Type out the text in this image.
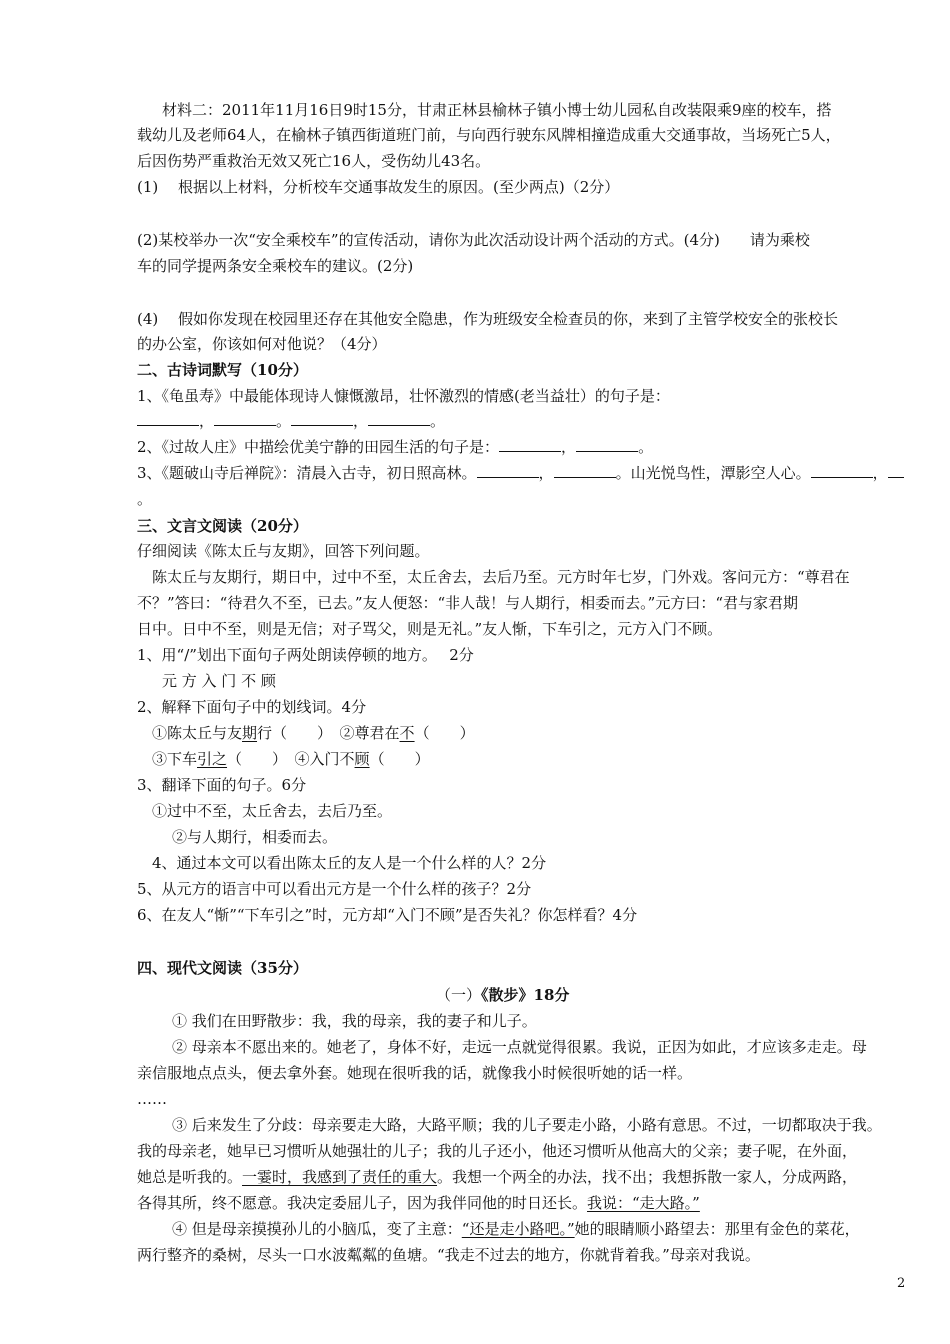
材料二：2011年11月16日9时15分，甘肃正林县榆林子镇小博士幼儿园私自改装限乘9座的校车，搭
载幼儿及老师64人，在榆林子镇西街道班门前，与向西行驶东风牌相撞造成重大交通事故，当场死亡5人，
后因伤势严重救治无效又死亡16人，受伤幼儿43名。
(1)　 根据以上材料，分析校车交通事故发生的原因。(至少两点)（2分）
(2)某校举办一次“安全乘校车”的宣传活动，请你为此次活动设计两个活动的方式。(4分)　　请为乘校
车的同学提两条安全乘校车的建议。(2分)
(4)　 假如你发现在校园里还存在其他安全隐患，作为班级安全检查员的你，来到了主管学校安全的张校长
的办公室，你该如何对他说？（4分）
二、古诗词默写（10分）
1、《龟虽寿》中最能体现诗人慷慨激昂，壮怀激烈的情感(老当益壮）的句子是：
，	。	，	。
2、《过故人庄》中描绘优美宁静的田园生活的句子是：	，	。
3、《题破山寺后禅院》：清晨入古寺，初日照高林。	，	。山光悦鸟性，潭影空人心。	，
。
三、文言文阅读（20分）
仔细阅读《陈太丘与友期》，回答下列问题。
陈太丘与友期行，期日中，过中不至，太丘舍去，去后乃至。元方时年七岁，门外戏。客问元方：“尊君在
不？”答曰：“待君久不至，已去。”友人便怒：“非人哉！与人期行，相委而去。”元方曰：“君与家君期
日中。日中不至，则是无信；对子骂父，则是无礼。”友人惭，下车引之，元方入门不顾。
1、用“/”划出下面句子两处朗读停顿的地方。　 2分
元 方 入 门 不 顾
2、解释下面句子中的划线词。4分
①陈太丘与友期行（　　）　②尊君在不（　　）
③下车引之（　　）　④入门不顾（　　）
3、翻译下面的句子。6分
①过中不至，太丘舍去，去后乃至。
②与人期行，相委而去。
4、通过本文可以看出陈太丘的友人是一个什么样的人？2分
5、从元方的语言中可以看出元方是一个什么样的孩子？2分
6、在友人“惭”“下车引之”时，元方却“入门不顾”是否失礼？你怎样看？4分
四、现代文阅读（35分）
（一）《散步》18分
① 我们在田野散步：我，我的母亲，我的妻子和儿子。
② 母亲本不愿出来的。她老了，身体不好，走远一点就觉得很累。我说，正因为如此，才应该多走走。母
亲信服地点点头，便去拿外套。她现在很听我的话，就像我小时候很听她的话一样。
……
③ 后来发生了分歧：母亲要走大路，大路平顺；我的儿子要走小路，小路有意思。不过，一切都取决于我。
我的母亲老，她早已习惯听从她强壮的儿子；我的儿子还小，他还习惯听从他高大的父亲；妻子呢，在外面，
她总是听我的。一霎时，我感到了责任的重大。我想一个两全的办法，找不出；我想拆散一家人，分成两路，
各得其所，终不愿意。我决定委屈儿子，因为我伴同他的时日还长。我说：“走大路。”
④ 但是母亲摸摸孙儿的小脑瓜，变了主意：“还是走小路吧。”她的眼睛顺小路望去：那里有金色的菜花，
两行整齐的桑树，尽头一口水波粼粼的鱼塘。“我走不过去的地方，你就背着我。”母亲对我说。
2
